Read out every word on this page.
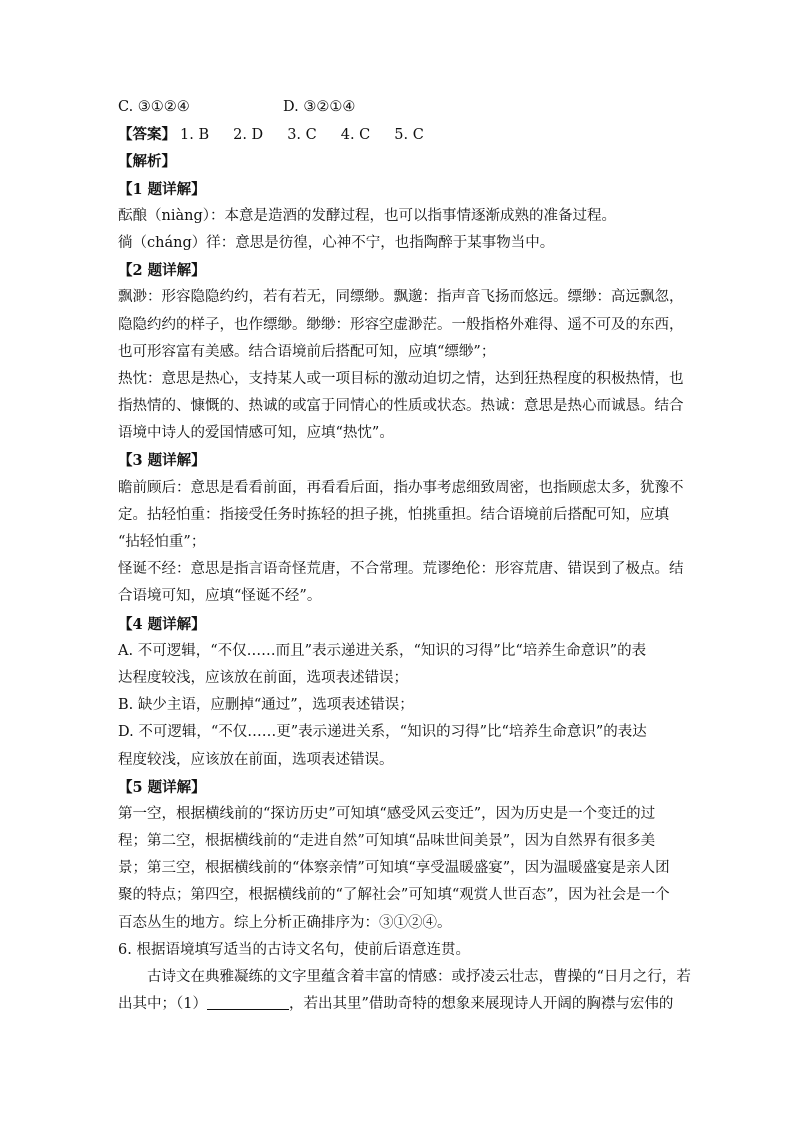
C. ③①②④	D. ③②①④
【答案】 1. B 2. D 3. C 4. C 5. C
【解析】
【1 题详解】
酝酿（niàng）：本意是造酒的发酵过程，也可以指事情逐渐成熟的准备过程。
徜（cháng）徉：意思是彷徨，心神不宁，也指陶醉于某事物当中。
【2 题详解】
飘渺：形容隐隐约约，若有若无，同缥缈。飘邈：指声音飞扬而悠远。缥缈：高远飘忽，
隐隐约约的样子，也作缥缈。缈缈：形容空虚渺茫。一般指格外难得、遥不可及的东西，
也可形容富有美感。结合语境前后搭配可知，应填“缥缈”；
热忱：意思是热心，支持某人或一项目标的激动迫切之情，达到狂热程度的积极热情，也
指热情的、慷慨的、热诚的或富于同情心的性质或状态。热诚：意思是热心而诚恳。结合
语境中诗人的爱国情感可知，应填“热忱”。
【3 题详解】
瞻前顾后：意思是看看前面，再看看后面，指办事考虑细致周密，也指顾虑太多，犹豫不
定。拈轻怕重：指接受任务时拣轻的担子挑，怕挑重担。结合语境前后搭配可知，应填
“拈轻怕重”；
怪诞不经：意思是指言语奇怪荒唐，不合常理。荒谬绝伦：形容荒唐、错误到了极点。结
合语境可知，应填“怪诞不经”。
【4 题详解】
A. 不可逻辑，“不仅……而且”表示递进关系，“知识的习得”比“培养生命意识”的表
达程度较浅，应该放在前面，选项表述错误；
B. 缺少主语，应删掉“通过”，选项表述错误；
D. 不可逻辑，“不仅……更”表示递进关系，“知识的习得”比“培养生命意识”的表达
程度较浅，应该放在前面，选项表述错误。
【5 题详解】
第一空，根据横线前的“探访历史”可知填“感受风云变迁”，因为历史是一个变迁的过
程；第二空，根据横线前的“走进自然”可知填“品味世间美景”，因为自然界有很多美
景；第三空，根据横线前的“体察亲情”可知填“享受温暖盛宴”，因为温暖盛宴是亲人团
聚的特点；第四空，根据横线前的“了解社会”可知填“观赏人世百态”，因为社会是一个
百态丛生的地方。综上分析正确排序为：③①②④。
6. 根据语境填写适当的古诗文名句，使前后语意连贯。
古诗文在典雅凝练的文字里蕴含着丰富的情感：或抒凌云壮志，曹操的“日月之行，若
出其中；（1）	，若出其里”借助奇特的想象来展现诗人开阔的胸襟与宏伟的
